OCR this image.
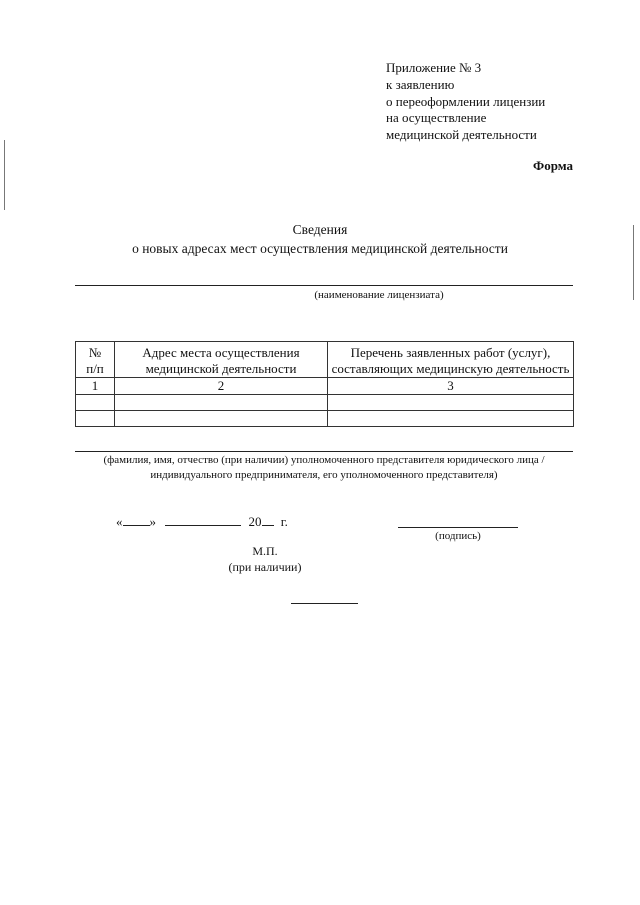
Приложение № 3
к заявлению
о переоформлении лицензии
на осуществление
медицинской деятельности
Форма
Сведения
о новых адресах мест осуществления медицинской деятельности
(наименование лицензиата)
№
п/п	Адрес места осуществления медицинской деятельности	Перечень заявленных работ (услуг), составляющих медицинскую деятельность
1	2	3

(фамилия, имя, отчество (при наличии) уполномоченного представителя юридического лица /
индивидуального предпринимателя, его уполномоченного представителя)
« »	20 г.
(подпись)
М.П.
(при наличии)
